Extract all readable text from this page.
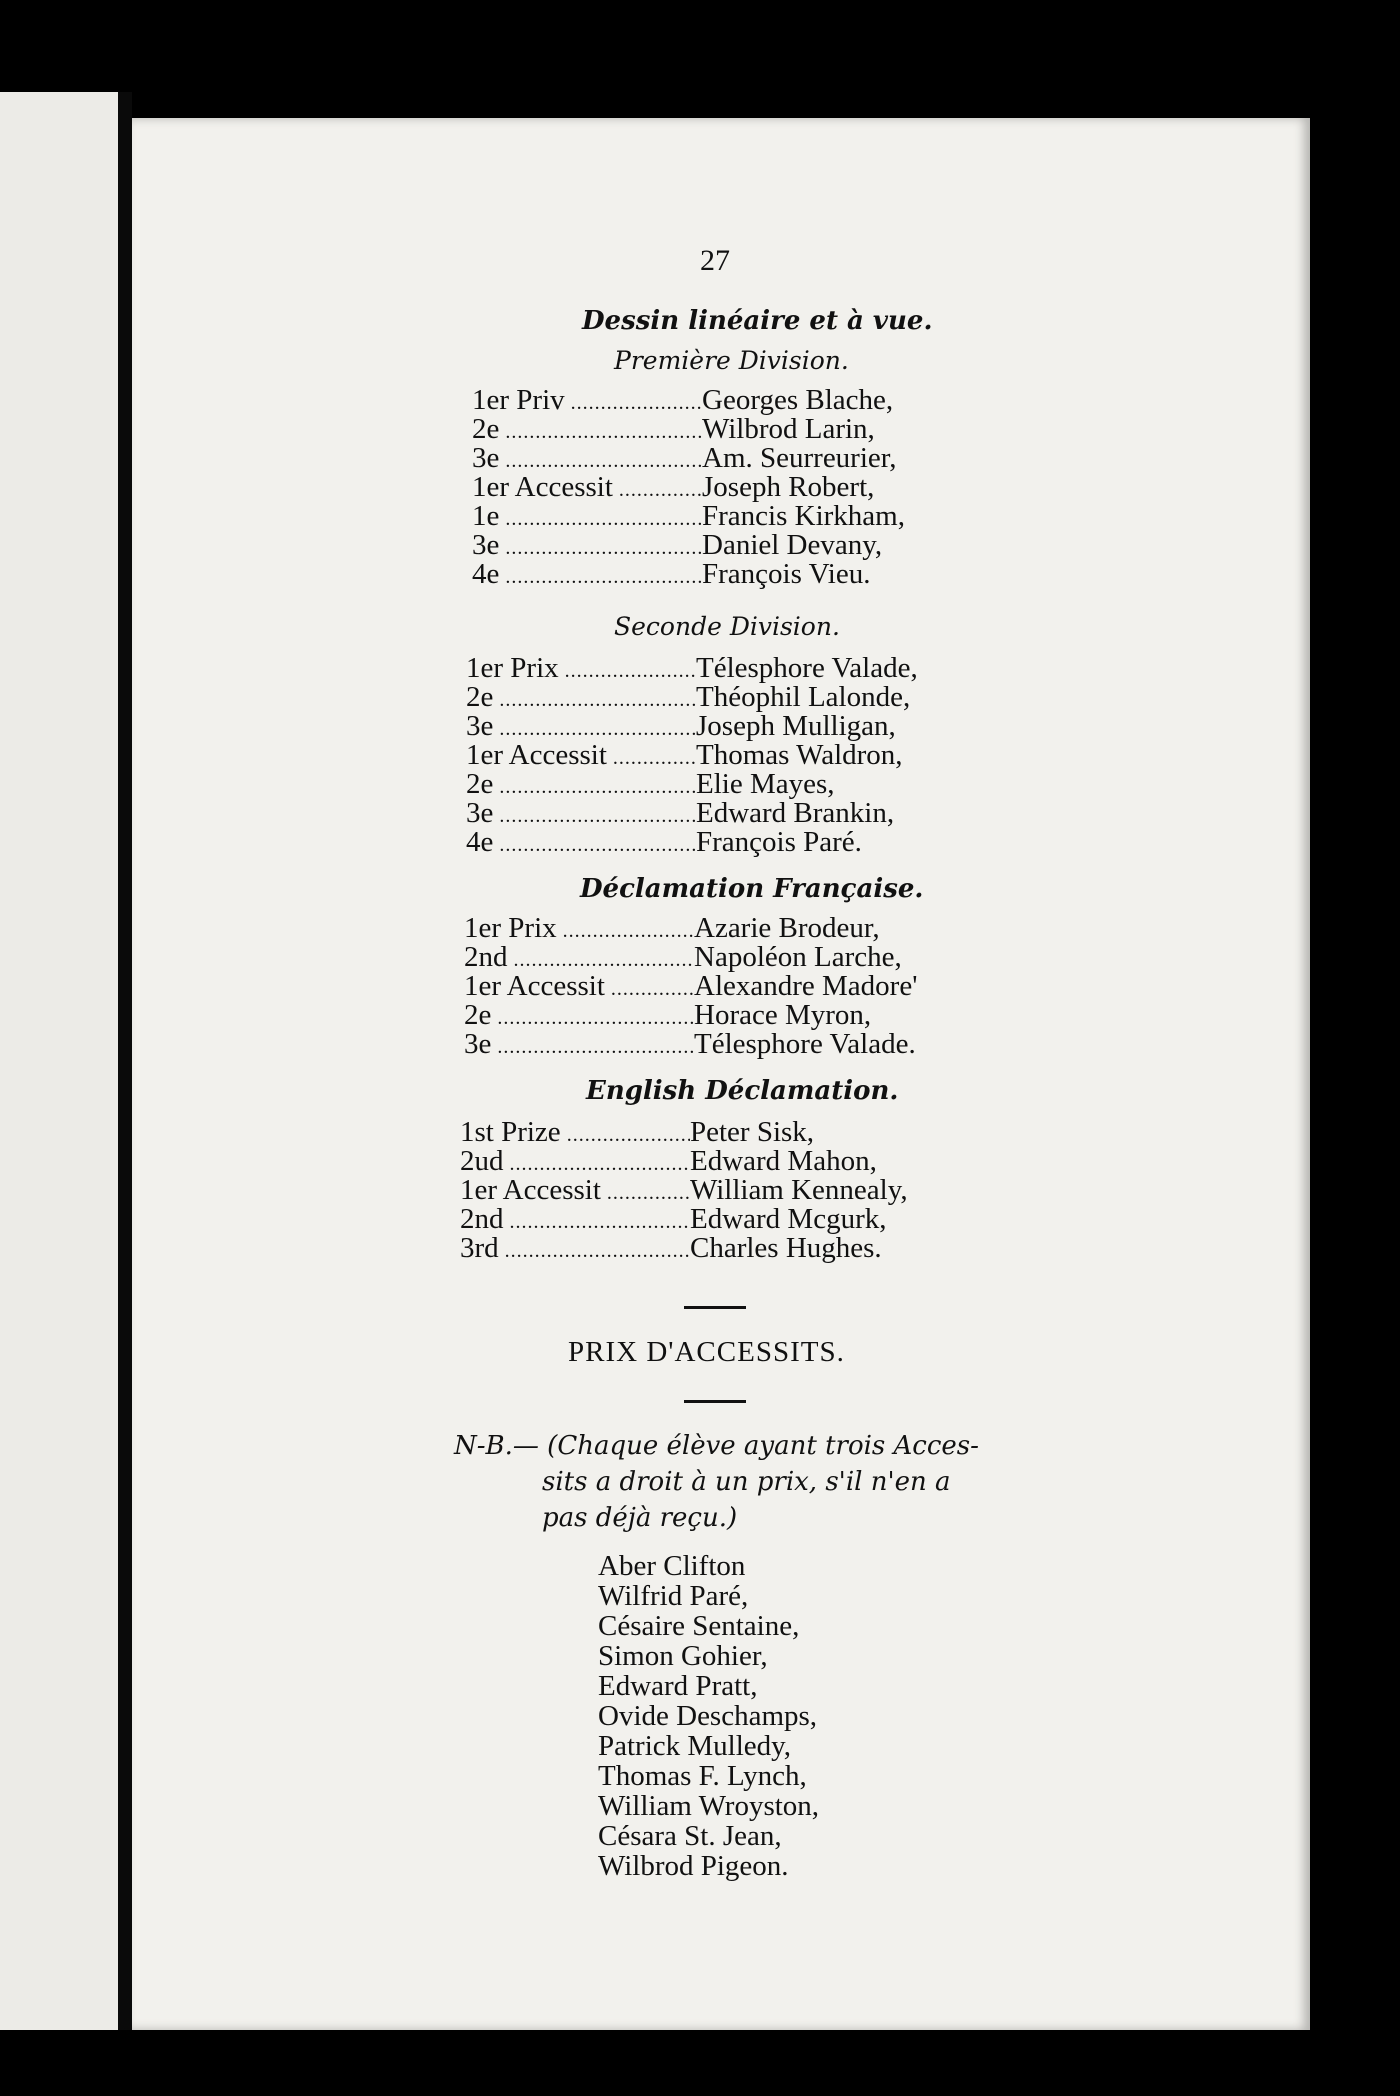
27
Dessin linéaire et à vue.
Première Division.
1er Priv .....	Georges Blache,
2e .....	Wilbrod Larin,
3e .....	Am. Seurreurier,
1er Accessit .....	Joseph Robert,
1e .....	Francis Kirkham,
3e .....	Daniel Devany,
4e .....	François Vieu.
Seconde Division.
1er Prix .....	Télesphore Valade,
2e .....	Théophil Lalonde,
3e .....	Joseph Mulligan,
1er Accessit .....	Thomas Waldron,
2e .....	Elie Mayes,
3e .....	Edward Brankin,
4e .....	François Paré.
Déclamation Française.
1er Prix .....	Azarie Brodeur,
2nd .....	Napoléon Larche,
1er Accessit .....	Alexandre Madore'
2e .....	Horace Myron,
3e .....	Télesphore Valade.
English Déclamation.
1st Prize .....	Peter Sisk,
2ud .....	Edward Mahon,
1er Accessit .....	William Kennealy,
2nd .....	Edward Mcgurk,
3rd .....	Charles Hughes.
PRIX D'ACCESSITS.
N-B.— (Chaque élève ayant trois Acces-
sits a droit à un prix, s'il n'en a
pas déjà reçu.)
Aber Clifton
Wilfrid Paré,
Césaire Sentaine,
Simon Gohier,
Edward Pratt,
Ovide Deschamps,
Patrick Mulledy,
Thomas F. Lynch,
William Wroyston,
Césara St. Jean,
Wilbrod Pigeon.
